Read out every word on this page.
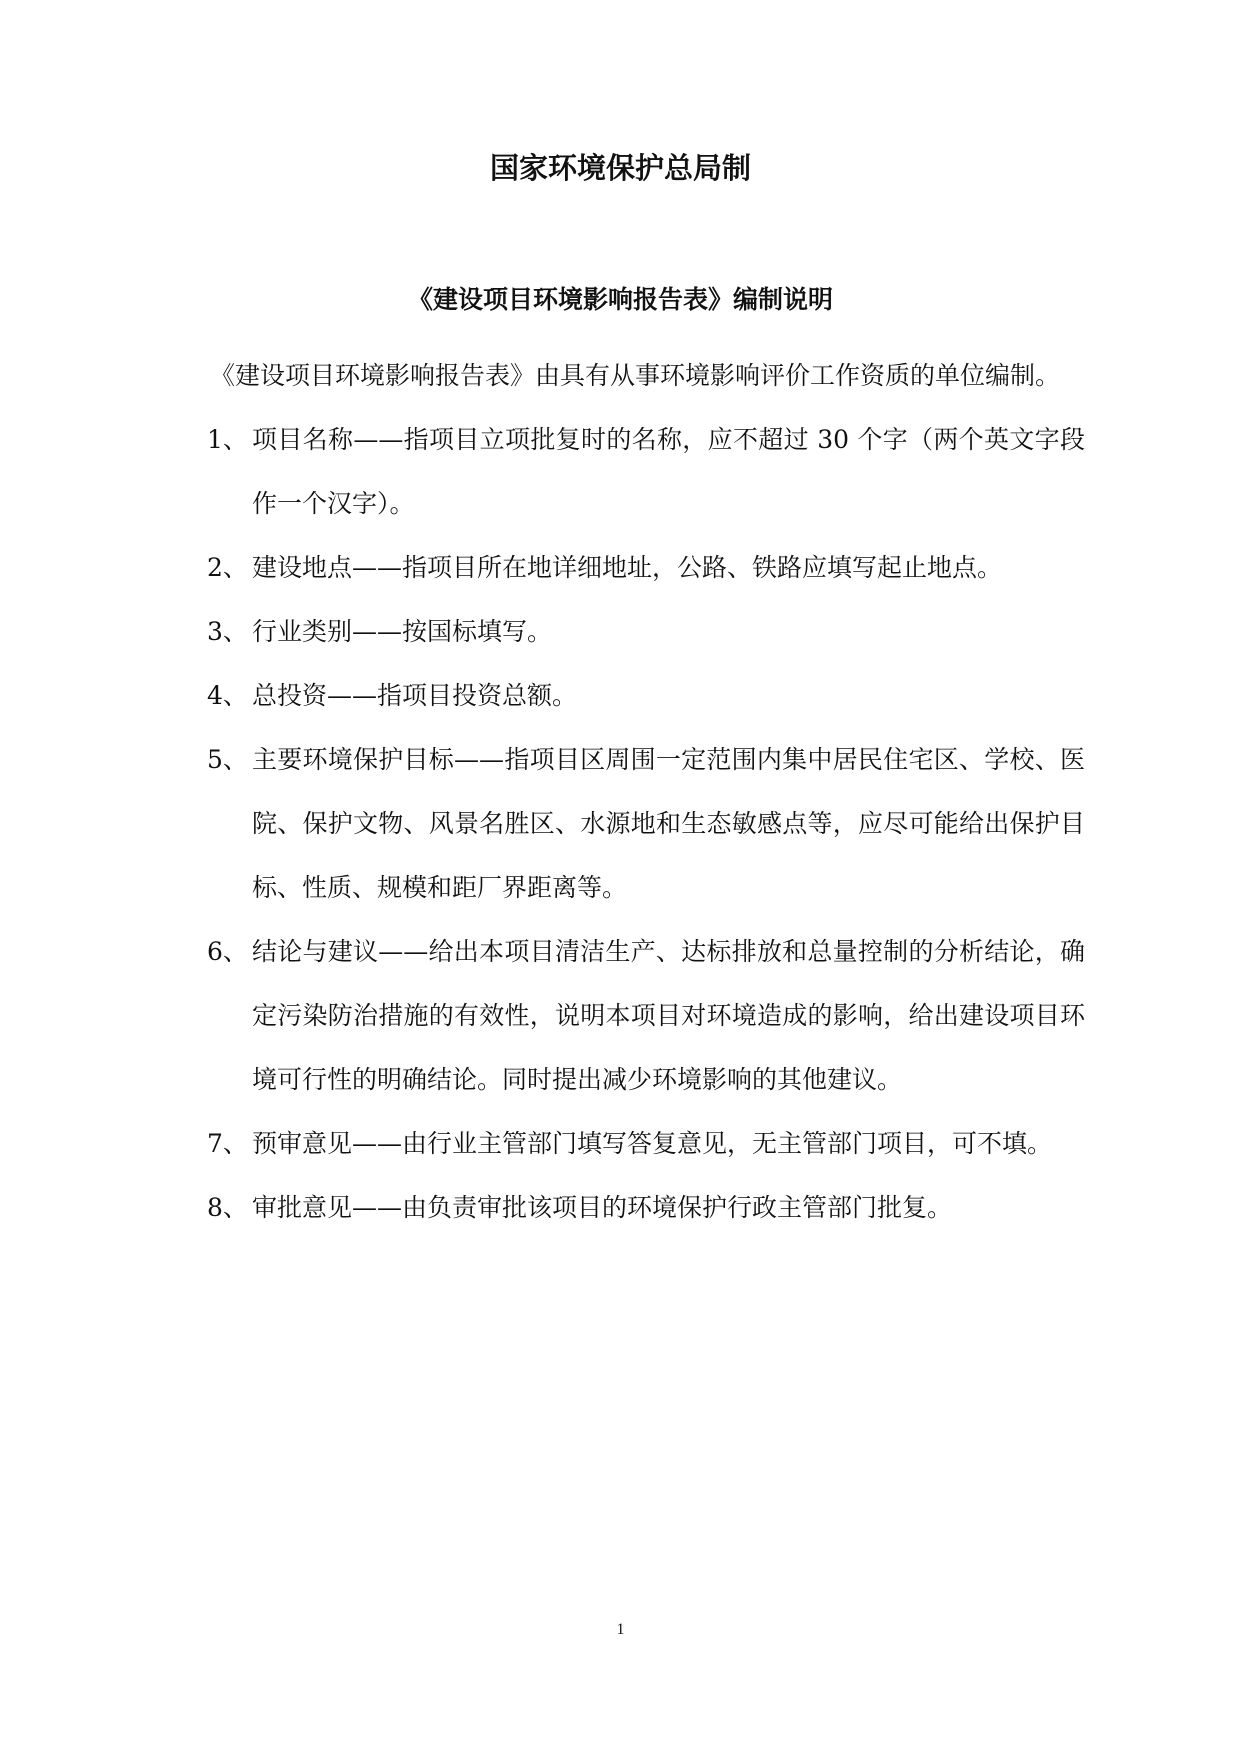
国家环境保护总局制
《建设项目环境影响报告表》编制说明

《建设项目环境影响报告表》由具有从事环境影响评价工作资质的单位编制。

1、 项目名称——指项目立项批复时的名称，应不超过 30 个字（两个英文字段作一个汉字）。
2、 建设地点——指项目所在地详细地址，公路、铁路应填写起止地点。
3、 行业类别——按国标填写。
4、 总投资——指项目投资总额。
5、 主要环境保护目标——指项目区周围一定范围内集中居民住宅区、学校、医院、保护文物、风景名胜区、水源地和生态敏感点等，应尽可能给出保护目标、性质、规模和距厂界距离等。
6、 结论与建议——给出本项目清洁生产、达标排放和总量控制的分析结论，确定污染防治措施的有效性，说明本项目对环境造成的影响，给出建设项目环境可行性的明确结论。同时提出减少环境影响的其他建议。
7、 预审意见——由行业主管部门填写答复意见，无主管部门项目，可不填。
8、 审批意见——由负责审批该项目的环境保护行政主管部门批复。
1
